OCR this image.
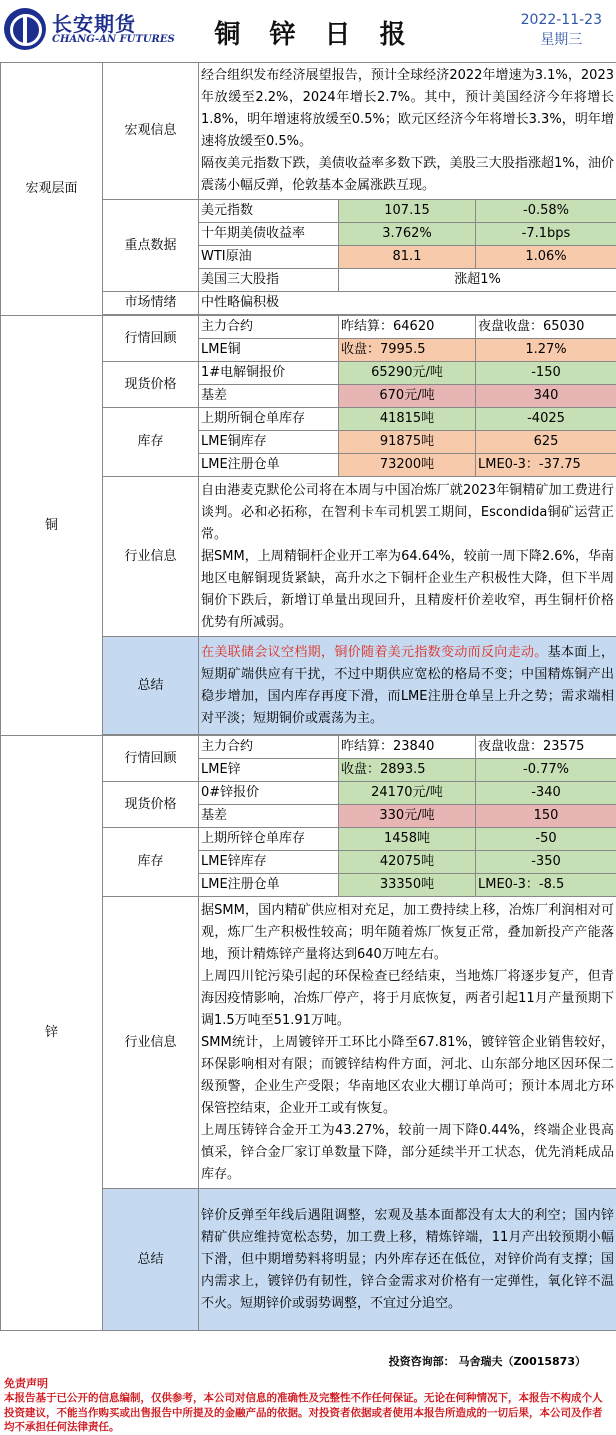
长安期货
CHANG-AN FUTURES	铜 锌 日 报	2022-11-23
星期三
宏观层面	宏观信息	经合组织发布经济展望报告，预计全球经济2022年增速为3.1%，2023年放缓至2.2%，2024年增长2.7%。其中，预计美国经济今年将增长1.8%，明年增速将放缓至0.5%；欧元区经济今年将增长3.3%，明年增速将放缓至0.5%。
隔夜美元指数下跌，美债收益率多数下跌，美股三大股指涨超1%，油价震荡小幅反弹，伦敦基本金属涨跌互现。		

	重点数据	美元指数	107.15	-0.58%
		十年期美债收益率	3.762%	-7.1bps
		WTI原油	81.1	1.06%
		美国三大股指	涨超1%	
	市场情绪	中性略偏积极		

铜	行情回顾	主力合约	昨结算：64620	夜盘收盘：65030
		LME铜	收盘：7995.5	1.27%
	现货价格	1#电解铜报价	65290元/吨	-150
		基差	670元/吨	340
	库存	上期所铜仓单库存	41815吨	-4025
		LME铜库存	91875吨	625
		LME注册仓单	73200吨	LME0-3：-37.75
	行业信息	自由港麦克默伦公司将在本周与中国冶炼厂就2023年铜精矿加工费进行谈判。必和必拓称，在智利卡车司机罢工期间，Escondida铜矿运营正常。
据SMM，上周精铜杆企业开工率为64.64%，较前一周下降2.6%，华南地区电解铜现货紧缺，高升水之下铜杆企业生产积极性大降，但下半周铜价下跌后，新增订单量出现回升，且精废杆价差收窄，再生铜杆价格优势有所减弱。		

	总结	在美联储会议空档期，铜价随着美元指数变动而反向走动。基本面上，短期矿端供应有干扰，不过中期供应宽松的格局不变；中国精炼铜产出稳步增加，国内库存再度下滑，而LME注册仓单呈上升之势；需求端相对平淡；短期铜价或震荡为主。		

锌	行情回顾	主力合约	昨结算：23840	夜盘收盘：23575
		LME锌	收盘：2893.5	-0.77%
	现货价格	0#锌报价	24170元/吨	-340
		基差	330元/吨	150
	库存	上期所锌仓单库存	1458吨	-50
		LME锌库存	42075吨	-350
		LME注册仓单	33350吨	LME0-3：-8.5
	行业信息	据SMM，国内精矿供应相对充足，加工费持续上移，冶炼厂利润相对可观，炼厂生产积极性较高；明年随着炼厂恢复正常，叠加新投产产能落地，预计精炼锌产量将达到640万吨左右。
上周四川铊污染引起的环保检查已经结束，当地炼厂将逐步复产，但青海因疫情影响，冶炼厂停产，将于月底恢复，两者引起11月产量预期下调1.5万吨至51.91万吨。
SMM统计，上周镀锌开工环比小降至67.81%，镀锌管企业销售较好，环保影响相对有限；而镀锌结构件方面，河北、山东部分地区因环保二级预警，企业生产受限；华南地区农业大棚订单尚可；预计本周北方环保管控结束，企业开工或有恢复。
上周压铸锌合金开工为43.27%，较前一周下降0.44%，终端企业畏高慎采，锌合金厂家订单数量下降，部分延续半开工状态，优先消耗成品库存。		

	总结	锌价反弹至年线后遇阻调整，宏观及基本面都没有太大的利空；国内锌精矿供应维持宽松态势，加工费上移，精炼锌端，11月产出较预期小幅下滑，但中期增势料将明显；内外库存还在低位，对锌价尚有支撑；国内需求上，镀锌仍有韧性，锌合金需求对价格有一定弹性，氧化锌不温不火。短期锌价或弱势调整，不宜过分追空。		
投资咨询部： 马舍瑞夫（Z0015873）
免责声明
本报告基于已公开的信息编制，仅供参考，本公司对信息的准确性及完整性不作任何保证。无论在何种情况下，本报告不构成个人投资建议，不能当作购买或出售报告中所提及的金融产品的依据。对投资者依据或者使用本报告所造成的一切后果，本公司及作者均不承担任何法律责任。
